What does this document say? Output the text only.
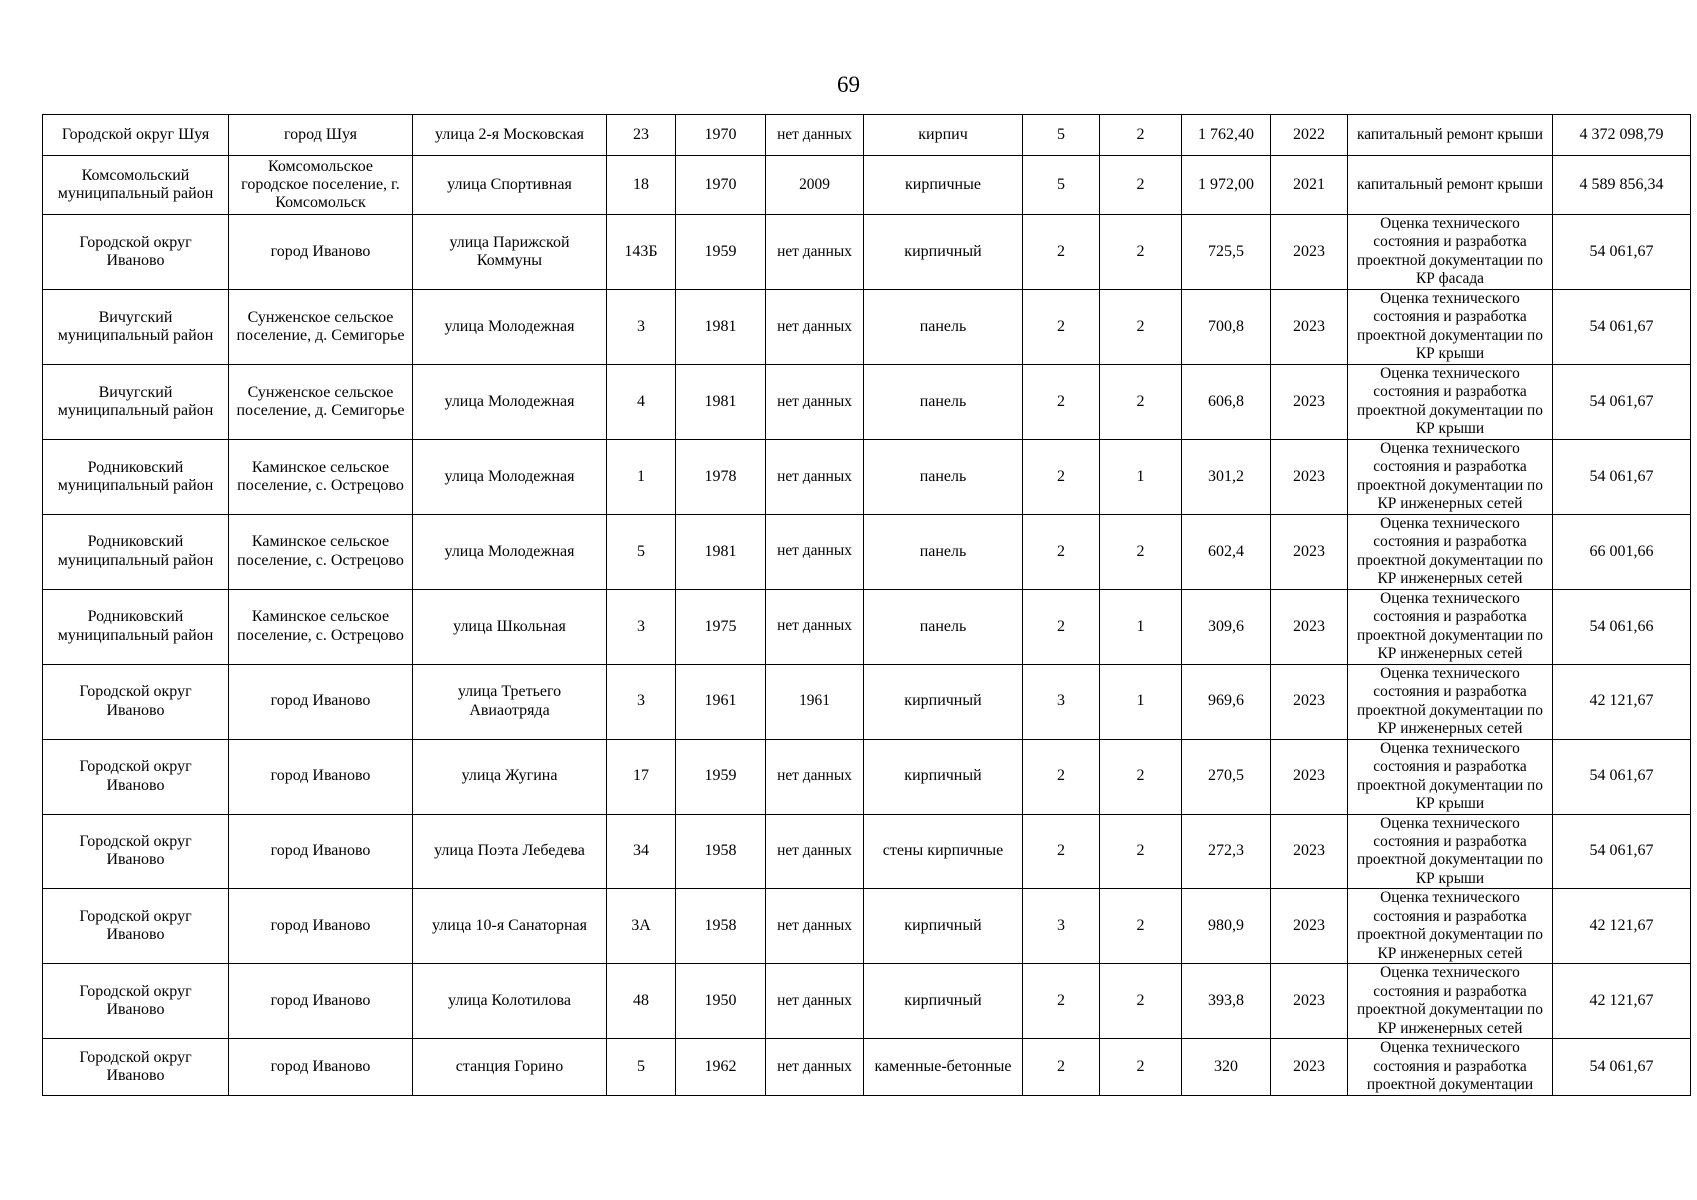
69
Городской округ Шуя	город Шуя	улица 2-я Московская	23	1970	нет данных	кирпич	5	2	1 762,40	2022	капитальный ремонт крыши	4 372 098,79
Комсомольский муниципальный район	Комсомольское городское поселение, г. Комсомольск	улица Спортивная	18	1970	2009	кирпичные	5	2	1 972,00	2021	капитальный ремонт крыши	4 589 856,34
Городской округ Иваново	город Иваново	улица Парижской Коммуны	143Б	1959	нет данных	кирпичный	2	2	725,5	2023	Оценка технического состояния и разработка проектной документации по КР фасада	54 061,67
Вичугский муниципальный район	Сунженское сельское поселение, д. Семигорье	улица Молодежная	3	1981	нет данных	панель	2	2	700,8	2023	Оценка технического состояния и разработка проектной документации по КР крыши	54 061,67
Вичугский муниципальный район	Сунженское сельское поселение, д. Семигорье	улица Молодежная	4	1981	нет данных	панель	2	2	606,8	2023	Оценка технического состояния и разработка проектной документации по КР крыши	54 061,67
Родниковский муниципальный район	Каминское сельское поселение, с. Острецово	улица Молодежная	1	1978	нет данных	панель	2	1	301,2	2023	Оценка технического состояния и разработка проектной документации по КР инженерных сетей	54 061,67
Родниковский муниципальный район	Каминское сельское поселение, с. Острецово	улица Молодежная	5	1981	нет данных	панель	2	2	602,4	2023	Оценка технического состояния и разработка проектной документации по КР инженерных сетей	66 001,66
Родниковский муниципальный район	Каминское сельское поселение, с. Острецово	улица Школьная	3	1975	нет данных	панель	2	1	309,6	2023	Оценка технического состояния и разработка проектной документации по КР инженерных сетей	54 061,66
Городской округ Иваново	город Иваново	улица Третьего Авиаотряда	3	1961	1961	кирпичный	3	1	969,6	2023	Оценка технического состояния и разработка проектной документации по КР инженерных сетей	42 121,67
Городской округ Иваново	город Иваново	улица Жугина	17	1959	нет данных	кирпичный	2	2	270,5	2023	Оценка технического состояния и разработка проектной документации по КР крыши	54 061,67
Городской округ Иваново	город Иваново	улица Поэта Лебедева	34	1958	нет данных	стены кирпичные	2	2	272,3	2023	Оценка технического состояния и разработка проектной документации по КР крыши	54 061,67
Городской округ Иваново	город Иваново	улица 10-я Санаторная	3А	1958	нет данных	кирпичный	3	2	980,9	2023	Оценка технического состояния и разработка проектной документации по КР инженерных сетей	42 121,67
Городской округ Иваново	город Иваново	улица Колотилова	48	1950	нет данных	кирпичный	2	2	393,8	2023	Оценка технического состояния и разработка проектной документации по КР инженерных сетей	42 121,67
Городской округ Иваново	город Иваново	станция Горино	5	1962	нет данных	каменные-бетонные	2	2	320	2023	Оценка технического состояния и разработка проектной документации	54 061,67
